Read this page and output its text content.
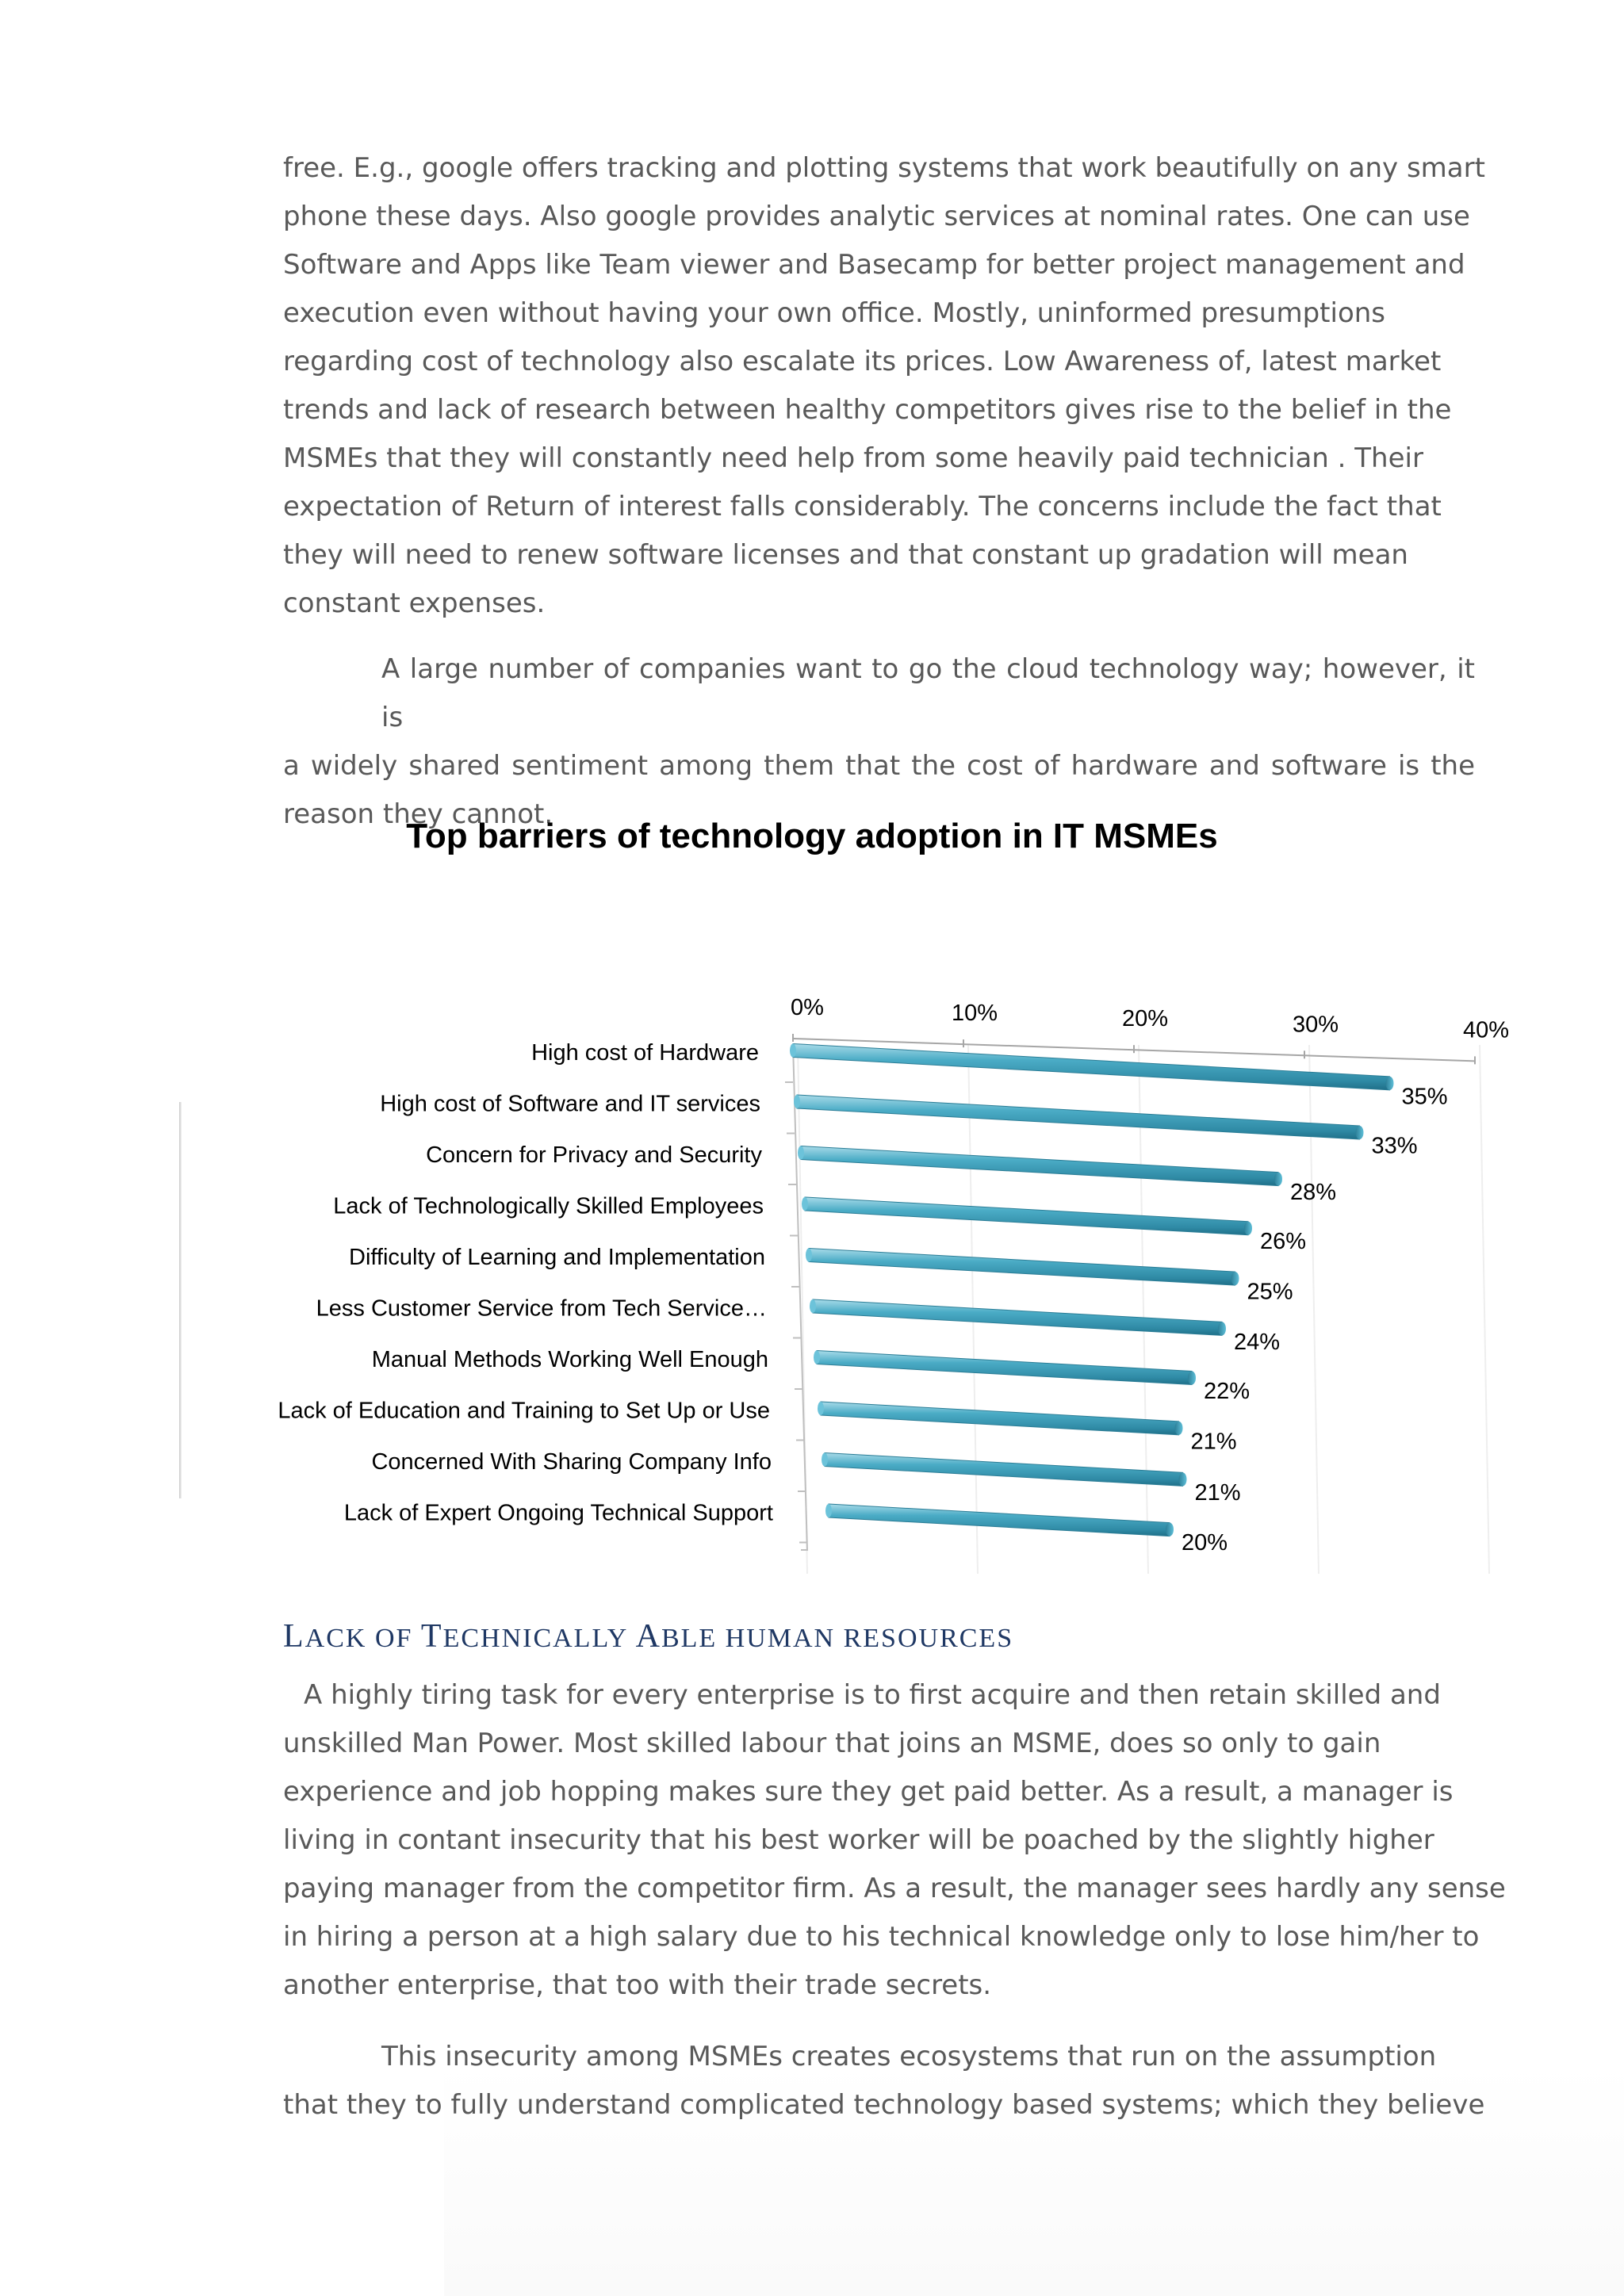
free. E.g., google offers tracking and plotting systems that work beautifully on any smart
phone these days. Also google provides analytic services at nominal rates. One can use
Software and Apps like Team viewer and Basecamp for better project management and
execution even without having your own office. Mostly, uninformed presumptions
regarding cost of technology also escalate its prices. Low Awareness of, latest market
trends and lack of research between healthy competitors gives rise to the belief in the
MSMEs that they will constantly need help from some heavily paid technician . Their
expectation of Return of interest falls considerably. The concerns include the fact that
they will need to renew software licenses and that constant up gradation will mean
constant expenses.
A large number of companies want to go the cloud technology way; however, it is
a widely shared sentiment among them that the cost of hardware and software is the
reason they cannot.
Top barriers of technology adoption in IT MSMEs
0%	10%	20%	30%	40%
35%
High cost of Hardware
33%
High cost of Software and IT services
28%
Concern for Privacy and Security
26%
Lack of Technologically Skilled Employees
25%
Difficulty of Learning and Implementation
24%
Less Customer Service from Tech Service…
22%
Manual Methods Working Well Enough
21%
Lack of Education and Training to Set Up or Use
21%
Concerned With Sharing Company Info
20%
Lack of Expert Ongoing Technical Support
LACK OF TECHNICALLY ABLE HUMAN RESOURCES
A highly tiring task for every enterprise is to first acquire and then retain skilled and
unskilled Man Power. Most skilled labour that joins an MSME, does so only to gain
experience and job hopping makes sure they get paid better. As a result, a manager is
living in contant insecurity that his best worker will be poached by the slightly higher
paying manager from the competitor firm. As a result, the manager sees hardly any sense
in hiring a person at a high salary due to his technical knowledge only to lose him/her to
another enterprise, that too with their trade secrets.
This insecurity among MSMEs creates ecosystems that run on the assumption
that they to fully understand complicated technology based systems; which they believe
